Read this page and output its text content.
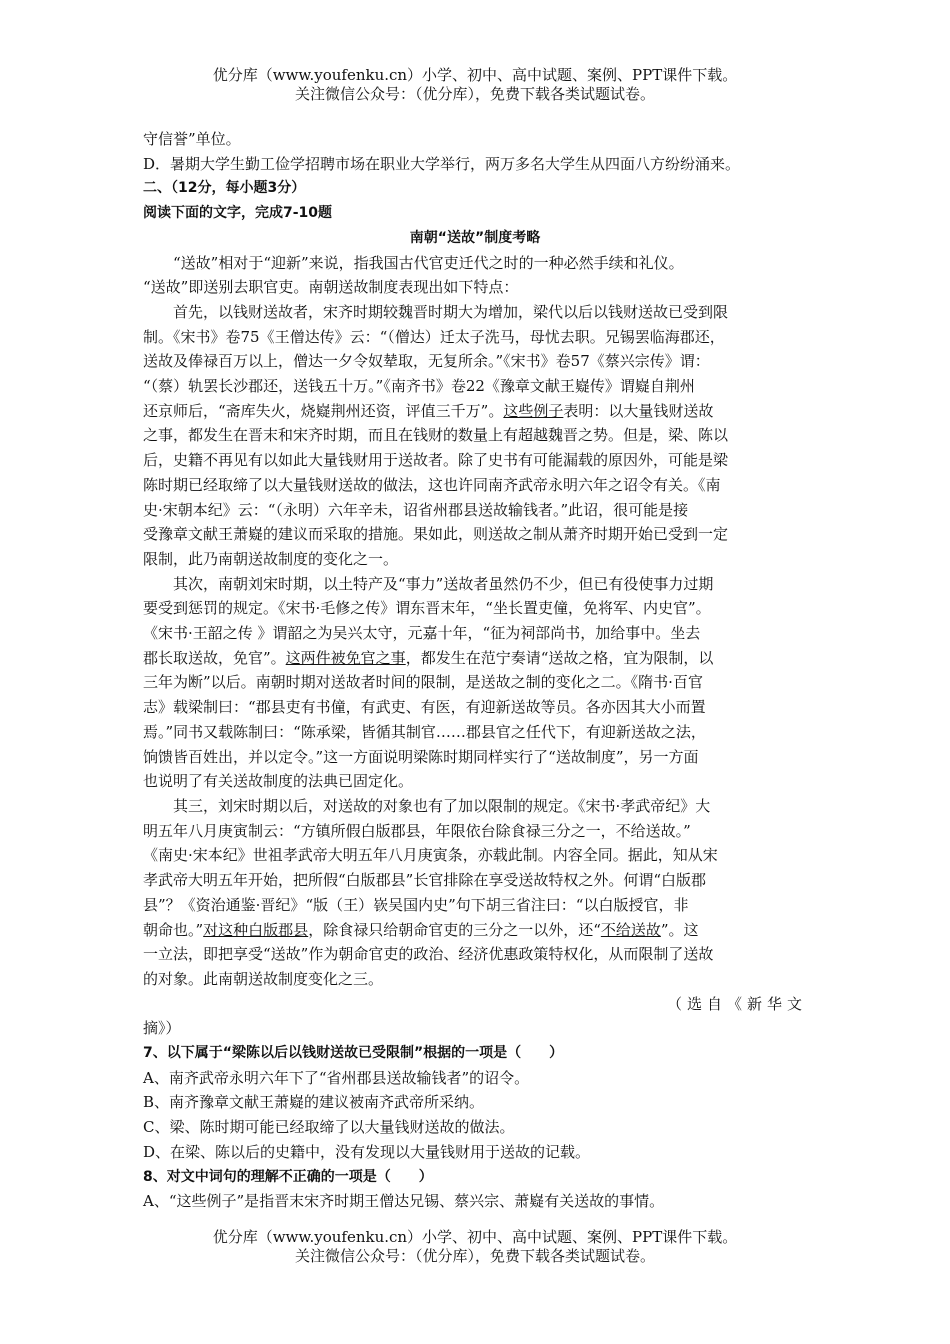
优分库（www.youfenku.cn）小学、初中、高中试题、案例、PPT课件下载。
关注微信公众号：（优分库），免费下载各类试题试卷。
守信誉”单位。
D．暑期大学生勤工俭学招聘市场在职业大学举行，两万多名大学生从四面八方纷纷涌来。
二、（12分，每小题3分）
阅读下面的文字，完成7-10题
南朝“送故”制度考略
“送故”相对于“迎新”来说，指我国古代官吏迁代之时的一种必然手续和礼仪。
“送故”即送别去职官吏。南朝送故制度表现出如下特点：
首先，以钱财送故者，宋齐时期较魏晋时期大为增加，梁代以后以钱财送故已受到限
制。《宋书》卷75《王僧达传》云：“（僧达）迁太子洗马，母忧去职。兄锡罢临海郡还，
送故及俸禄百万以上，僧达一夕令奴辇取，无复所余。”《宋书》卷57《蔡兴宗传》谓：
“（蔡）轨罢长沙郡还，送钱五十万。”《南齐书》卷22《豫章文献王嶷传》谓嶷自荆州
还京师后，“斋库失火，烧嶷荆州还资，评值三千万”。这些例子表明：以大量钱财送故
之事，都发生在晋末和宋齐时期，而且在钱财的数量上有超越魏晋之势。但是，梁、陈以
后，史籍不再见有以如此大量钱财用于送故者。除了史书有可能漏载的原因外，可能是梁
陈时期已经取缔了以大量钱财送故的做法，这也许同南齐武帝永明六年之诏令有关。《南
史·宋朝本纪》云：“（永明）六年辛未，诏省州郡县送故输钱者。”此诏，很可能是接
受豫章文献王萧嶷的建议而采取的措施。果如此，则送故之制从萧齐时期开始已受到一定
限制，此乃南朝送故制度的变化之一。
其次，南朝刘宋时期，以土特产及“事力”送故者虽然仍不少，但已有役使事力过期
要受到惩罚的规定。《宋书·毛修之传》谓东晋末年，“坐长置吏僮，免将军、内史官”。
《宋书·王韶之传 》谓韶之为吴兴太守，元嘉十年，“征为祠部尚书，加给事中。坐去
郡长取送故，免官”。这两件被免官之事，都发生在范宁奏请“送故之格，宜为限制，以
三年为断”以后。南朝时期对送故者时间的限制，是送故之制的变化之二。《隋书·百官
志》载梁制曰：“郡县吏有书僮，有武吏、有医，有迎新送故等员。各亦因其大小而置
焉。”同书又载陈制曰：“陈承梁，皆循其制官……郡县官之任代下，有迎新送故之法，
饷馈皆百姓出，并以定令。”这一方面说明梁陈时期同样实行了“送故制度”，另一方面
也说明了有关送故制度的法典已固定化。
其三，刘宋时期以后，对送故的对象也有了加以限制的规定。《宋书·孝武帝纪》大
明五年八月庚寅制云：“方镇所假白版郡县，年限依台除食禄三分之一，不给送故。”
《南史·宋本纪》世祖孝武帝大明五年八月庚寅条，亦载此制。内容全同。据此，知从宋
孝武帝大明五年开始，把所假“白版郡县”长官排除在享受送故特权之外。何谓“白版郡
县”？《资治通鉴·晋纪》“版（王）嵚吴国内史”句下胡三省注曰：“以白版授官，非
朝命也。”对这种白版郡县，除食禄只给朝命官吏的三分之一以外，还“不给送故”。这
一立法，即把享受“送故”作为朝命官吏的政治、经济优惠政策特权化，从而限制了送故
的对象。此南朝送故制度变化之三。
（选自《新华文
摘》）
7、以下属于“梁陈以后以钱财送故已受限制”根据的一项是（　　）
A、南齐武帝永明六年下了“省州郡县送故输钱者”的诏令。
B、南齐豫章文献王萧嶷的建议被南齐武帝所采纳。
C、梁、陈时期可能已经取缔了以大量钱财送故的做法。
D、在梁、陈以后的史籍中，没有发现以大量钱财用于送故的记载。
8、对文中词句的理解不正确的一项是（　　）
A、“这些例子”是指晋末宋齐时期王僧达兄锡、蔡兴宗、萧嶷有关送故的事情。
优分库（www.youfenku.cn）小学、初中、高中试题、案例、PPT课件下载。
关注微信公众号：（优分库），免费下载各类试题试卷。
